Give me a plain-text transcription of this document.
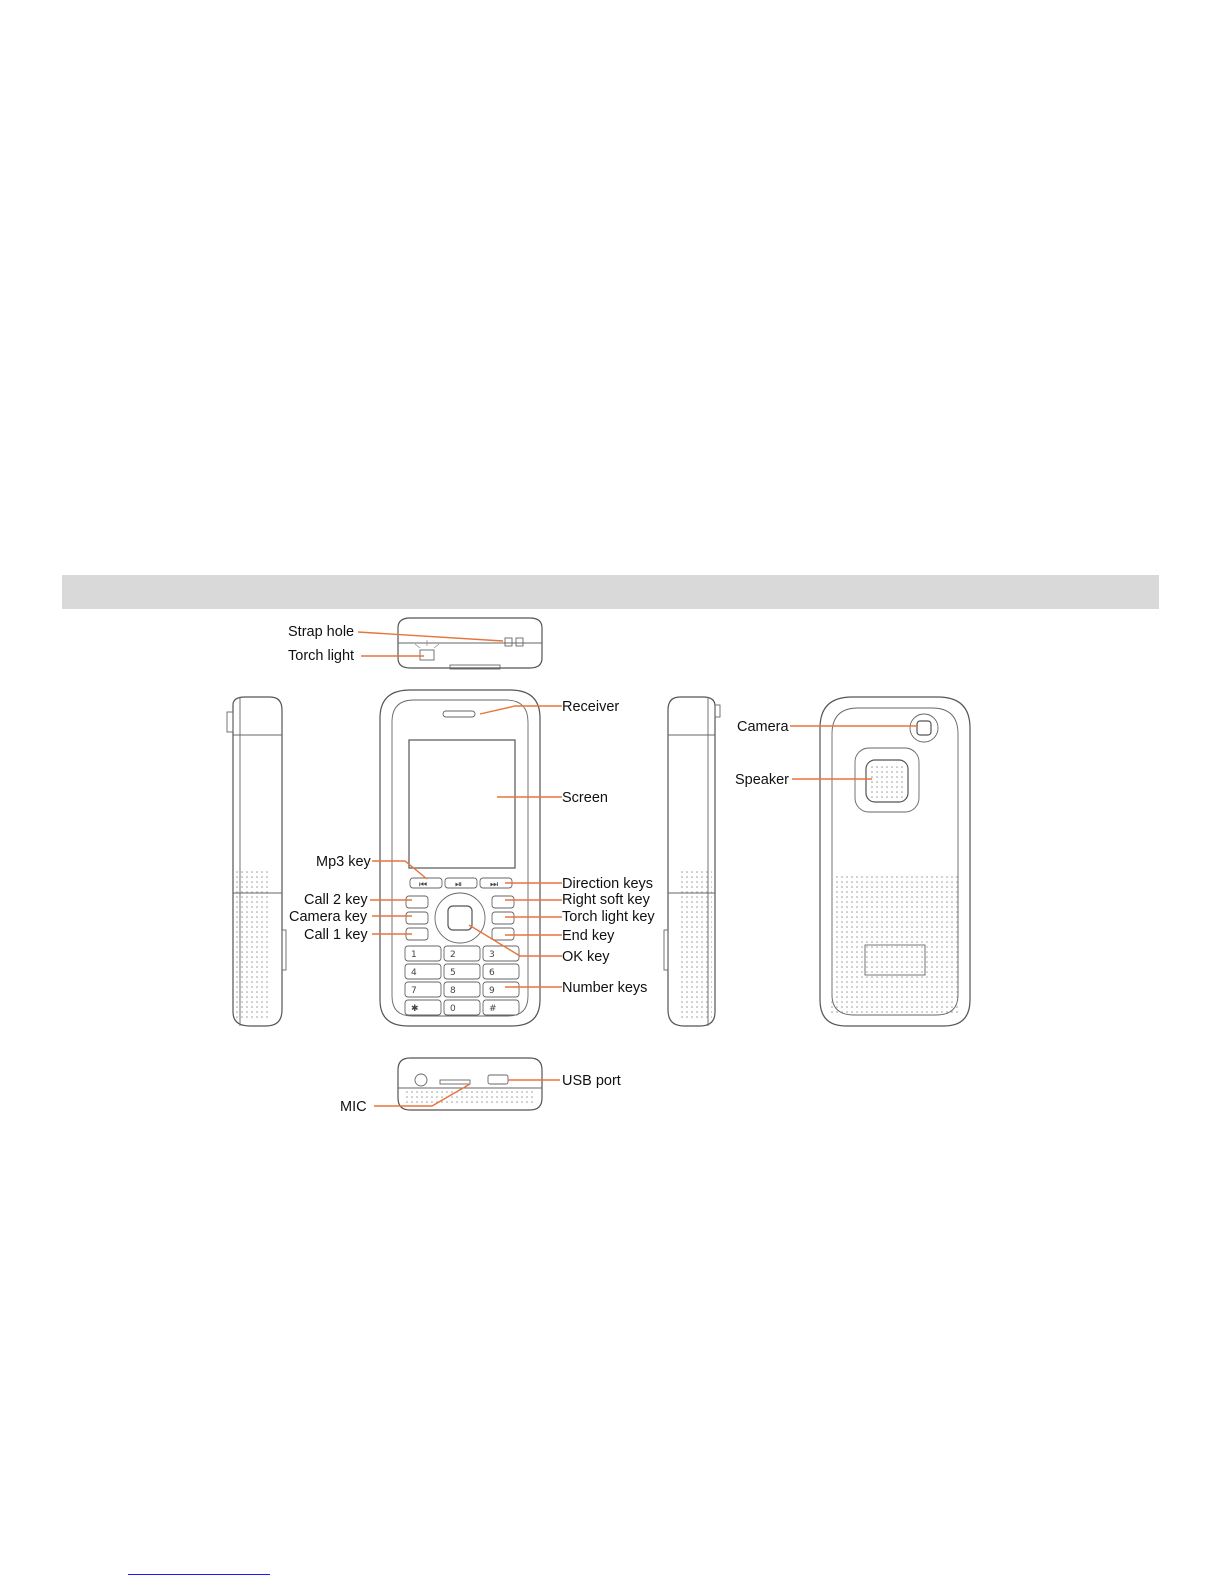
⏮	⏯	⏭
1	2	3
4	5	6
7	8	9
✱	0	#
Strap hole
Torch light
Receiver
Screen
Mp3 key
Direction keys
Call 2 key	Right soft key
Camera key	Torch light key
Call 1 key	End key
OK key
Number keys
USB port
MIC
Camera
Speaker
